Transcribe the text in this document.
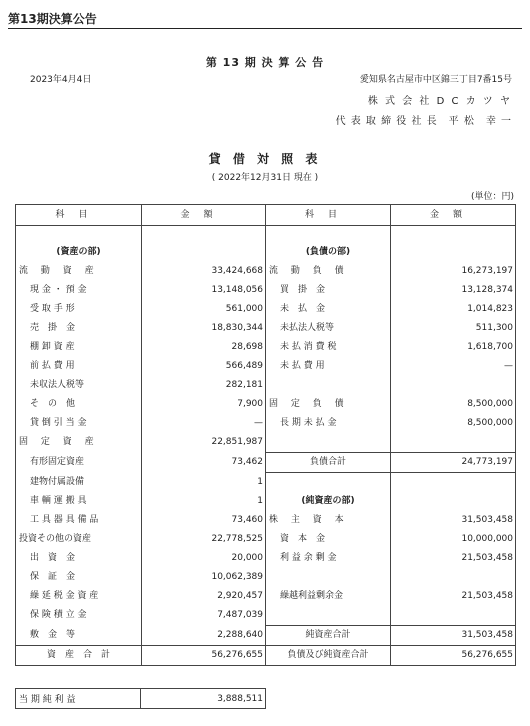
第13期決算公告
第 13 期 決 算 公 告
2023年4月4日	愛知県名古屋市中区錦三丁目7番15号
株 式 会 社 D C カ ツ ヤ
代 表 取 締 役 社 長　平 松　幸 一
貸 借 対 照 表
( 2022年12月31日 現在 )
(単位：円)
科目	金額	科目	金額

(資産の部)		(負債の部)	
流 動 資 産	33,424,668	流 動 負 債	16,273,197
現 金 ・ 預 金	13,148,056	買　掛　金	13,128,374
受 取 手 形	561,000	未　払　金	1,014,823
売　掛　金	18,830,344	未払法人税等	511,300
棚 卸 資 産	28,698	未 払 消 費 税	1,618,700
前 払 費 用	566,489	未 払 費 用	—
未収法人税等	282,181		
そ　の　他	7,900	固 定 負 債	8,500,000
貸 倒 引 当 金	—	長 期 未 払 金	8,500,000
固 定 資 産	22,851,987		
有形固定資産	73,462	負債合計	24,773,197
建物付属設備	1		
車 輌 運 搬 具	1	(純資産の部)	
工 具 器 具 備 品	73,460	株 主 資 本	31,503,458
投資その他の資産	22,778,525	資　本　金	10,000,000
出　資　金	20,000	利 益 余 剰 金	21,503,458
保　証　金	10,062,389		
繰 延 税 金 資 産	2,920,457	繰越利益剰余金	21,503,458
保 険 積 立 金	7,487,039		
敷　金　等	2,288,640	純資産合計	31,503,458
資　産　合　計	56,276,655	負債及び純資産合計	56,276,655
当 期 純 利 益	3,888,511
